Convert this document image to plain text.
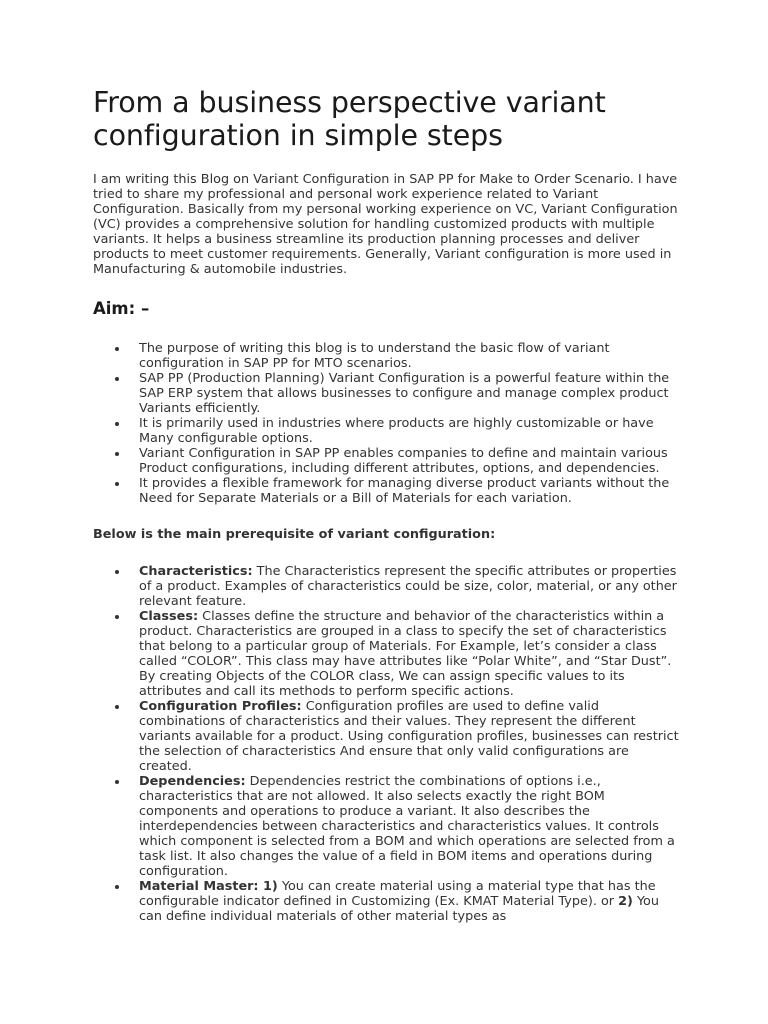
From a business perspective variant configuration in simple steps

I am writing this Blog on Variant Configuration in SAP PP for Make to Order Scenario. I have tried to share my professional and personal work experience related to Variant Configuration. Basically from my personal working experience on VC, Variant Configuration (VC) provides a comprehensive solution for handling customized products with multiple variants. It helps a business streamline its production planning processes and deliver products to meet customer requirements. Generally, Variant configuration is more used in Manufacturing & automobile industries.

Aim: –
The purpose of writing this blog is to understand the basic flow of variant configuration in SAP PP for MTO scenarios.
SAP PP (Production Planning) Variant Configuration is a powerful feature within the SAP ERP system that allows businesses to configure and manage complex product Variants efficiently.
It is primarily used in industries where products are highly customizable or have Many configurable options.
Variant Configuration in SAP PP enables companies to define and maintain various Product configurations, including different attributes, options, and dependencies.
It provides a flexible framework for managing diverse product variants without the Need for Separate Materials or a Bill of Materials for each variation.

Below is the main prerequisite of variant configuration:

Characteristics: The Characteristics represent the specific attributes or properties of a product. Examples of characteristics could be size, color, material, or any other relevant feature.
Classes: Classes define the structure and behavior of the characteristics within a product. Characteristics are grouped in a class to specify the set of characteristics that belong to a particular group of Materials. For Example, let’s consider a class called “COLOR”. This class may have attributes like “Polar White”, and “Star Dust”. By creating Objects of the COLOR class, We can assign specific values to its attributes and call its methods to perform specific actions.
Configuration Profiles: Configuration profiles are used to define valid combinations of characteristics and their values. They represent the different variants available for a product. Using configuration profiles, businesses can restrict the selection of characteristics And ensure that only valid configurations are created.
Dependencies: Dependencies restrict the combinations of options i.e., characteristics that are not allowed. It also selects exactly the right BOM components and operations to produce a variant. It also describes the interdependencies between characteristics and characteristics values. It controls which component is selected from a BOM and which operations are selected from a task list. It also changes the value of a field in BOM items and operations during configuration.
Material Master: 1) You can create material using a material type that has the configurable indicator defined in Customizing (Ex. KMAT Material Type). or 2) You can define individual materials of other material types as
